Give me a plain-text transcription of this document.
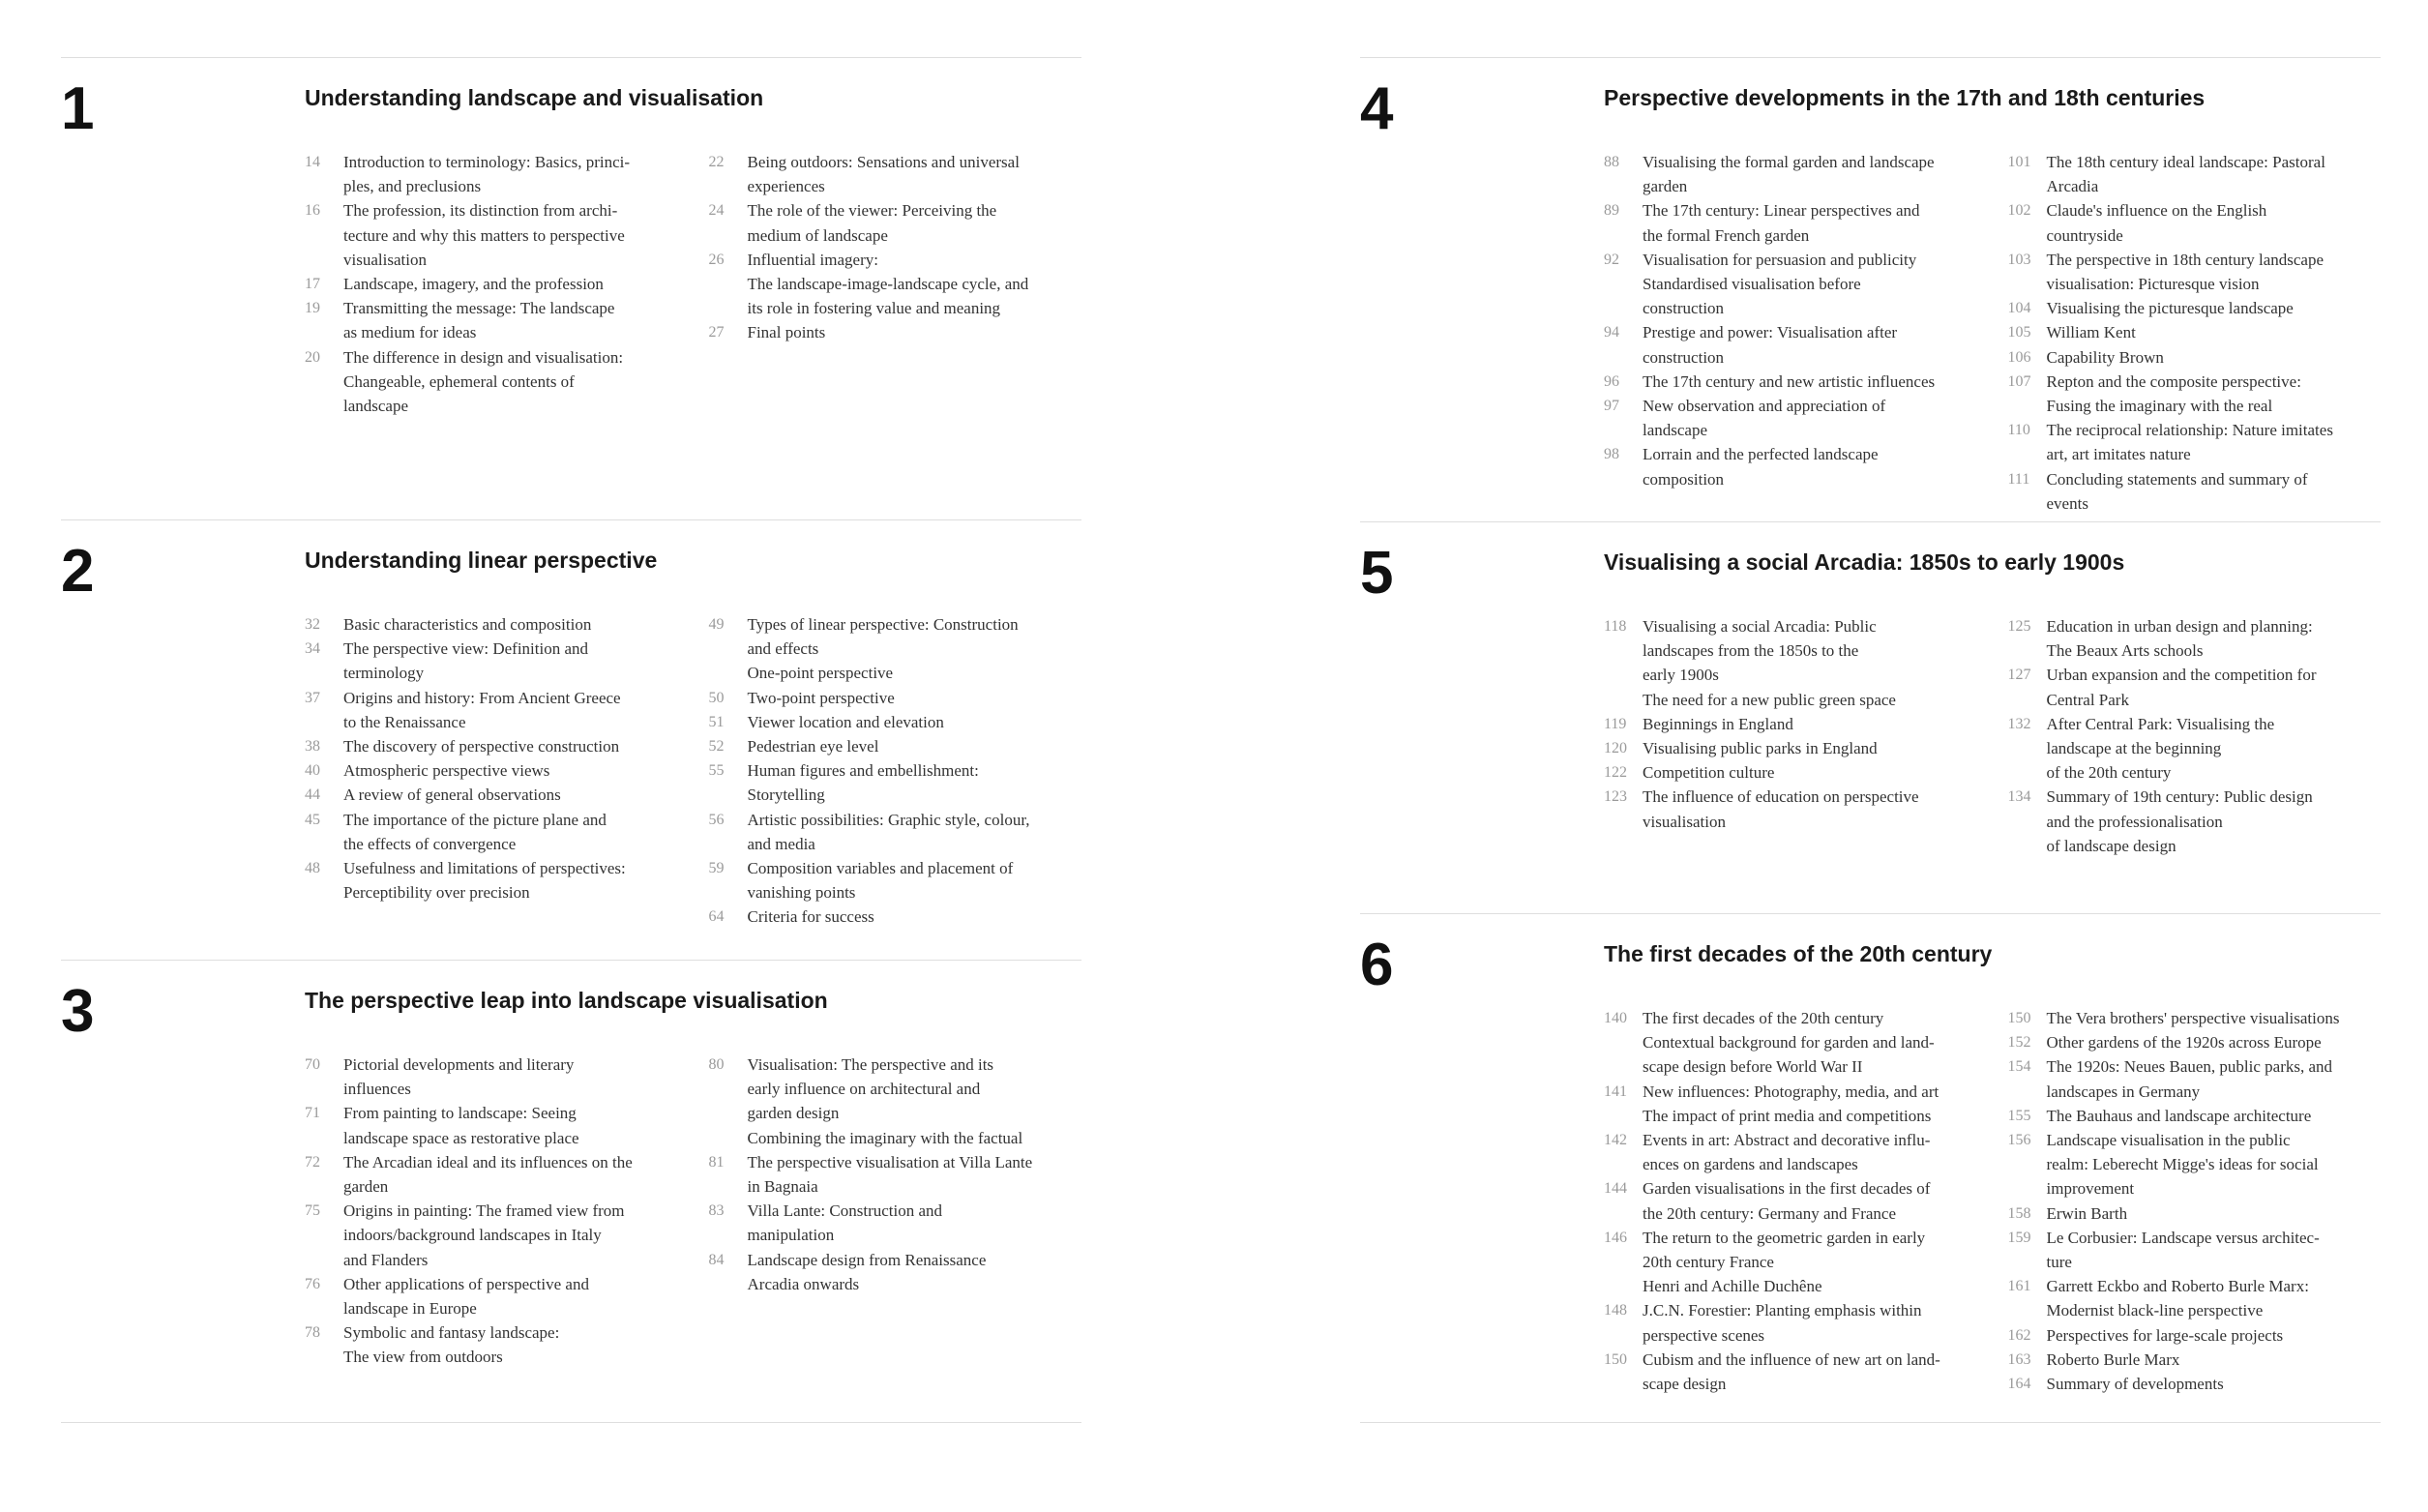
1	Understanding landscape and visualisation
14	Introduction to terminology: Basics, princi-
ples, and preclusions
16	The profession, its distinction from archi-
tecture and why this matters to perspective
visualisation
17	Landscape, imagery, and the profession
19	Transmitting the message: The landscape
as medium for ideas
20	The difference in design and visualisation:
Changeable, ephemeral contents of
landscape
22	Being outdoors: Sensations and universal
experiences
24	The role of the viewer: Perceiving the
medium of landscape
26	Influential imagery:
The landscape-image-landscape cycle, and
its role in fostering value and meaning
27	Final points
2	Understanding linear perspective
32	Basic characteristics and composition
34	The perspective view: Definition and
terminology
37	Origins and history: From Ancient Greece
to the Renaissance
38	The discovery of perspective construction
40	Atmospheric perspective views
44	A review of general observations
45	The importance of the picture plane and
the effects of convergence
48	Usefulness and limitations of perspectives:
Perceptibility over precision
49	Types of linear perspective: Construction
and effects
One-point perspective
50	Two-point perspective
51	Viewer location and elevation
52	Pedestrian eye level
55	Human figures and embellishment:
Storytelling
56	Artistic possibilities: Graphic style, colour,
and media
59	Composition variables and placement of
vanishing points
64	Criteria for success
3	The perspective leap into landscape visualisation
70	Pictorial developments and literary
influences
71	From painting to landscape: Seeing
landscape space as restorative place
72	The Arcadian ideal and its influences on the
garden
75	Origins in painting: The framed view from
indoors/background landscapes in Italy
and Flanders
76	Other applications of perspective and
landscape in Europe
78	Symbolic and fantasy landscape:
The view from outdoors
80	Visualisation: The perspective and its
early influence on architectural and
garden design
Combining the imaginary with the factual
81	The perspective visualisation at Villa Lante
in Bagnaia
83	Villa Lante: Construction and
manipulation
84	Landscape design from Renaissance
Arcadia onwards
4	Perspective developments in the 17th and 18th centuries
88	Visualising the formal garden and landscape
garden
89	The 17th century: Linear perspectives and
the formal French garden
92	Visualisation for persuasion and publicity
Standardised visualisation before
construction
94	Prestige and power: Visualisation after
construction
96	The 17th century and new artistic influences
97	New observation and appreciation of
landscape
98	Lorrain and the perfected landscape
composition
101 The 18th century ideal landscape: Pastoral
Arcadia
102 Claude's influence on the English
countryside
103 The perspective in 18th century landscape
visualisation: Picturesque vision
104 Visualising the picturesque landscape
105 William Kent
106 Capability Brown
107 Repton and the composite perspective:
Fusing the imaginary with the real
110 The reciprocal relationship: Nature imitates
art, art imitates nature
111	Concluding statements and summary of
events
5	Visualising a social Arcadia: 1850s to early 1900s
118 Visualising a social Arcadia: Public
landscapes from the 1850s to the
early 1900s
The need for a new public green space
119 Beginnings in England
120 Visualising public parks in England
122 Competition culture
123 The influence of education on perspective
visualisation
125 Education in urban design and planning:
The Beaux Arts schools
127 Urban expansion and the competition for
Central Park
132 After Central Park: Visualising the
landscape at the beginning
of the 20th century
134 Summary of 19th century: Public design
and the professionalisation
of landscape design
6	The first decades of the 20th century
140 The first decades of the 20th century
Contextual background for garden and land-
scape design before World War II
141 New influences: Photography, media, and art
The impact of print media and competitions
142 Events in art: Abstract and decorative influ-
ences on gardens and landscapes
144 Garden visualisations in the first decades of
the 20th century: Germany and France
146 The return to the geometric garden in early
20th century France
Henri and Achille Duchêne
148 J.C.N. Forestier: Planting emphasis within
perspective scenes
150 Cubism and the influence of new art on land-
scape design
150 The Vera brothers' perspective visualisations
152 Other gardens of the 1920s across Europe
154 The 1920s: Neues Bauen, public parks, and
landscapes in Germany
155 The Bauhaus and landscape architecture
156 Landscape visualisation in the public
realm: Leberecht Migge's ideas for social
improvement
158 Erwin Barth
159 Le Corbusier: Landscape versus architec-
ture
161 Garrett Eckbo and Roberto Burle Marx:
Modernist black-line perspective
162 Perspectives for large-scale projects
163 Roberto Burle Marx
164 Summary of developments
